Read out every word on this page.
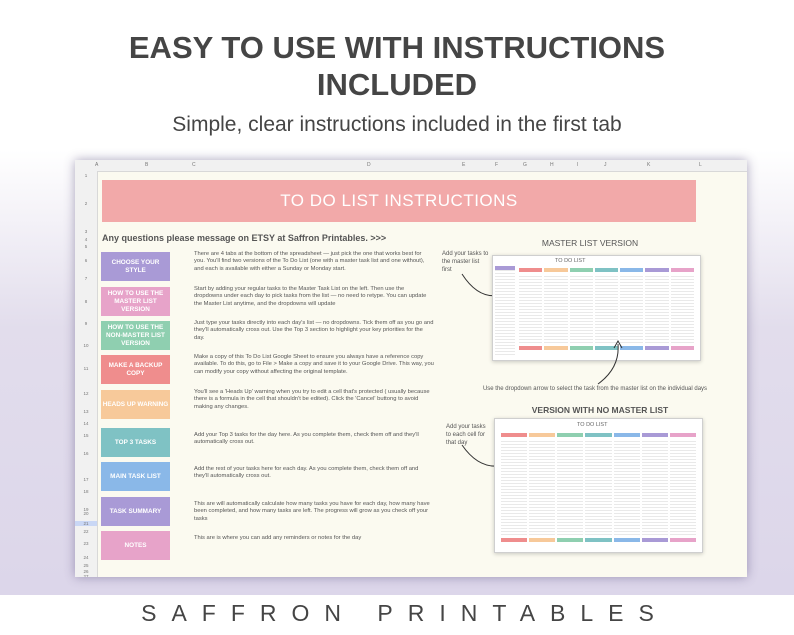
EASY TO USE WITH INSTRUCTIONS
INCLUDED
Simple, clear instructions included in the first tab
A	B	C	D	E	F	G	H	I	J	K	L
1
2
3
4
5
6
7
8
9
10
11
12
13
14
15
16
17
18
19
20
21
22
23
24
25
26
27
TO DO LIST INSTRUCTIONS
Any questions please message on ETSY at Saffron Printables. >>>
CHOOSE YOUR STYLE
There are 4 tabs at the bottom of the spreadsheet — just pick the one that works best for you. You'll find two versions of the To Do List (one with a master task list and one without), and each is available with either a Sunday or Monday start.
HOW TO USE THE MASTER LIST VERSION
Start by adding your regular tasks to the Master Task List on the left. Then use the dropdowns under each day to pick tasks from the list — no need to retype. You can update the Master List anytime, and the dropdowns will update
HOW TO USE THE NON-MASTER LIST VERSION
Just type your tasks directly into each day's list — no dropdowns. Tick them off as you go and they'll automatically cross out. Use the Top 3 section to highlight your key priorities for the day.
MAKE A BACKUP COPY
Make a copy of this To Do List Google Sheet to ensure you always have a reference copy available. To do this, go to File > Make a copy and save it to your Google Drive. This way, you can modify your copy without affecting the original template.
HEADS UP WARNING
You'll see a 'Heads Up' warning when you try to edit a cell that's protected ( usually because there is a formula in the cell that shouldn't be edited). Click the 'Cancel' buttong to avoid making any changes.
TOP 3 TASKS
Add your Top 3 tasks for the day here. As you complete them, check them off and they'll automatically cross out.
MAIN TASK LIST
Add the rest of your tasks here for each day. As you complete them, check them off and they'll automatically cross out.
TASK SUMMARY
This are will automatically calculate how many tasks you have for each day, how many have been completed, and how many tasks are left. The progress will grow as you check off your tasks
NOTES
This are is where you can add any reminders or notes for the day
MASTER LIST VERSION
Add your tasks to the master list first
TO DO LIST
Use the dropdown arrow to select the task from the master list on the individual days
VERSION WITH NO MASTER LIST
Add your tasks to each cell for that day
TO DO LIST
SAFFRON PRINTABLES
